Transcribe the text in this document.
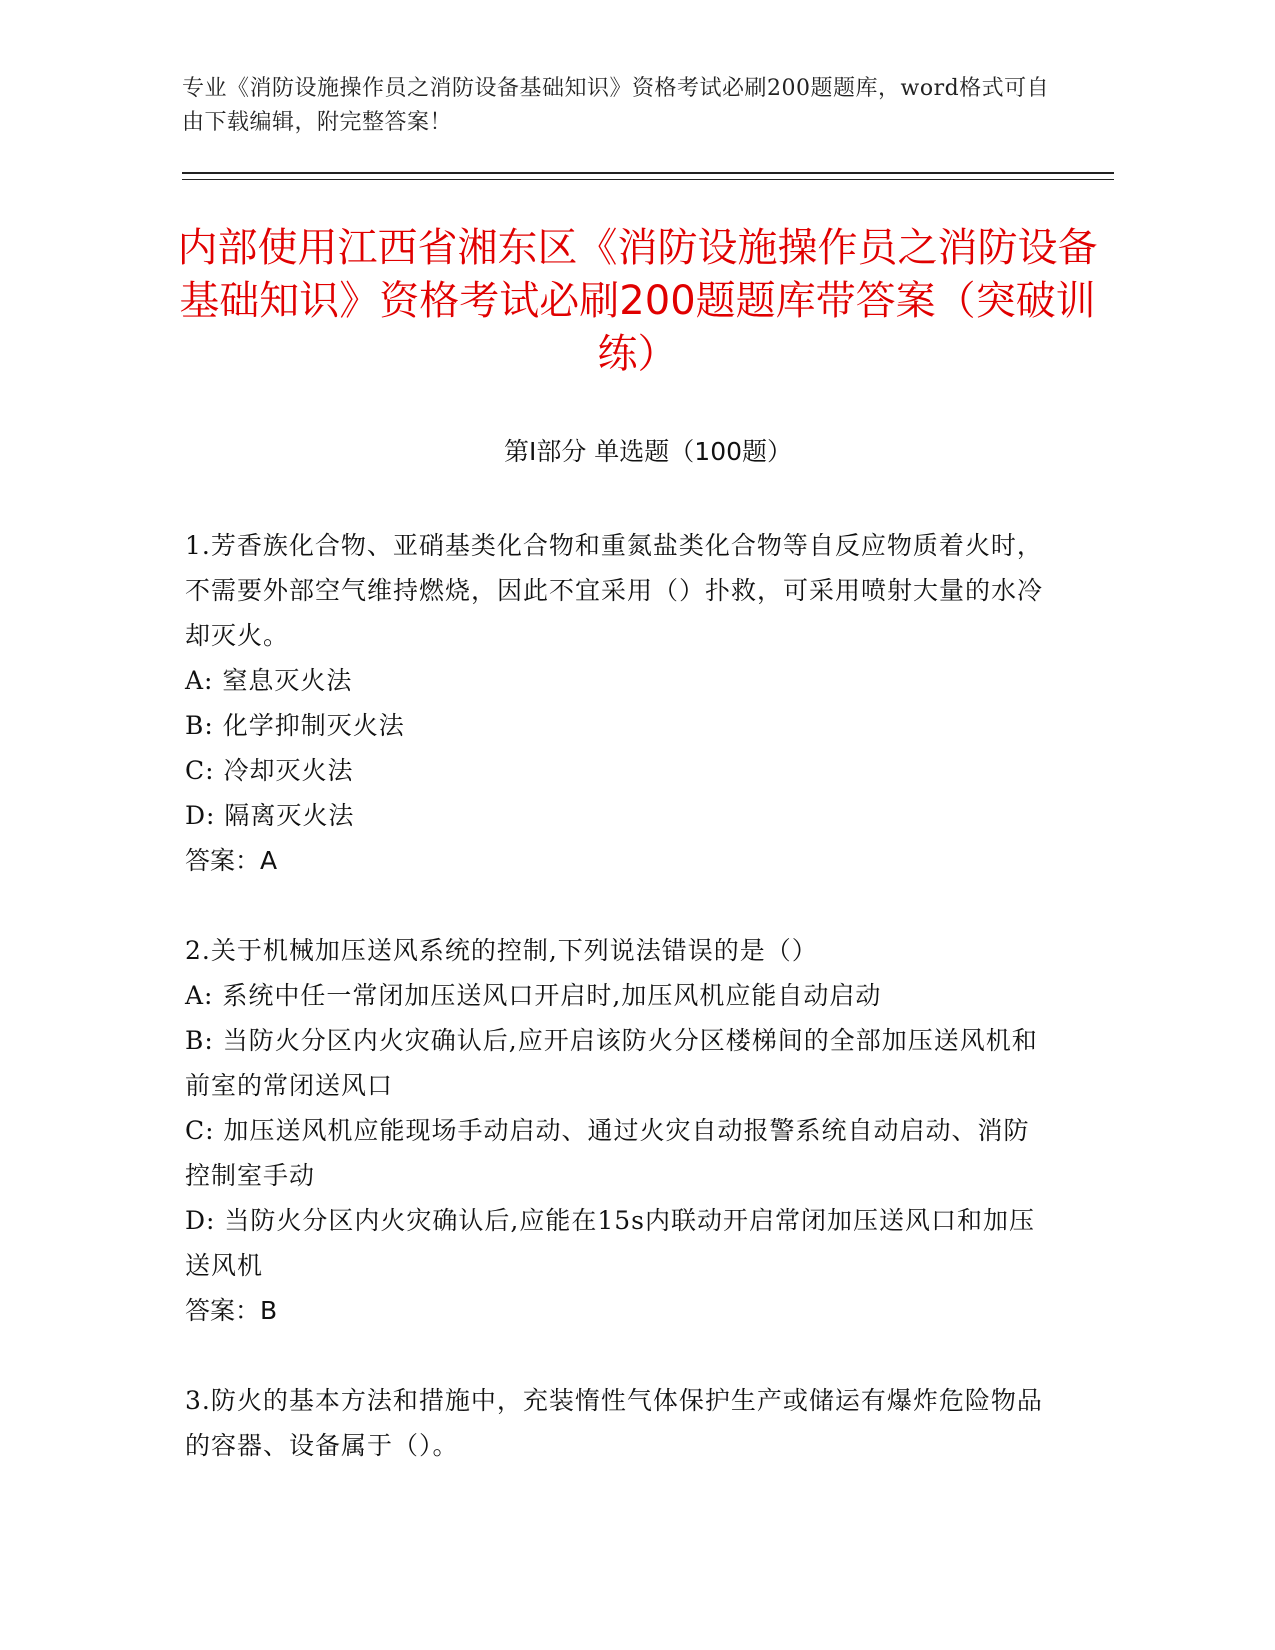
专业《消防设施操作员之消防设备基础知识》资格考试必刷200题题库，word格式可自由下载编辑，附完整答案！
内部使用江西省湘东区《消防设施操作员之消防设备基础知识》资格考试必刷200题题库带答案（突破训练）
第Ⅰ部分 单选题（100题）

1.芳香族化合物、亚硝基类化合物和重氮盐类化合物等自反应物质着火时，不需要外部空气维持燃烧，因此不宜采用（）扑救，可采用喷射大量的水冷却灭火。

A: 窒息灭火法

B: 化学抑制灭火法

C: 冷却灭火法

D: 隔离灭火法

答案：A

2.关于机械加压送风系统的控制,下列说法错误的是（）

A: 系统中任一常闭加压送风口开启时,加压风机应能自动启动

B: 当防火分区内火灾确认后,应开启该防火分区楼梯间的全部加压送风机和前室的常闭送风口

C: 加压送风机应能现场手动启动、通过火灾自动报警系统自动启动、消防控制室手动

D: 当防火分区内火灾确认后,应能在15s内联动开启常闭加压送风口和加压送风机

答案：B

3.防火的基本方法和措施中，充装惰性气体保护生产或储运有爆炸危险物品的容器、设备属于（）。
